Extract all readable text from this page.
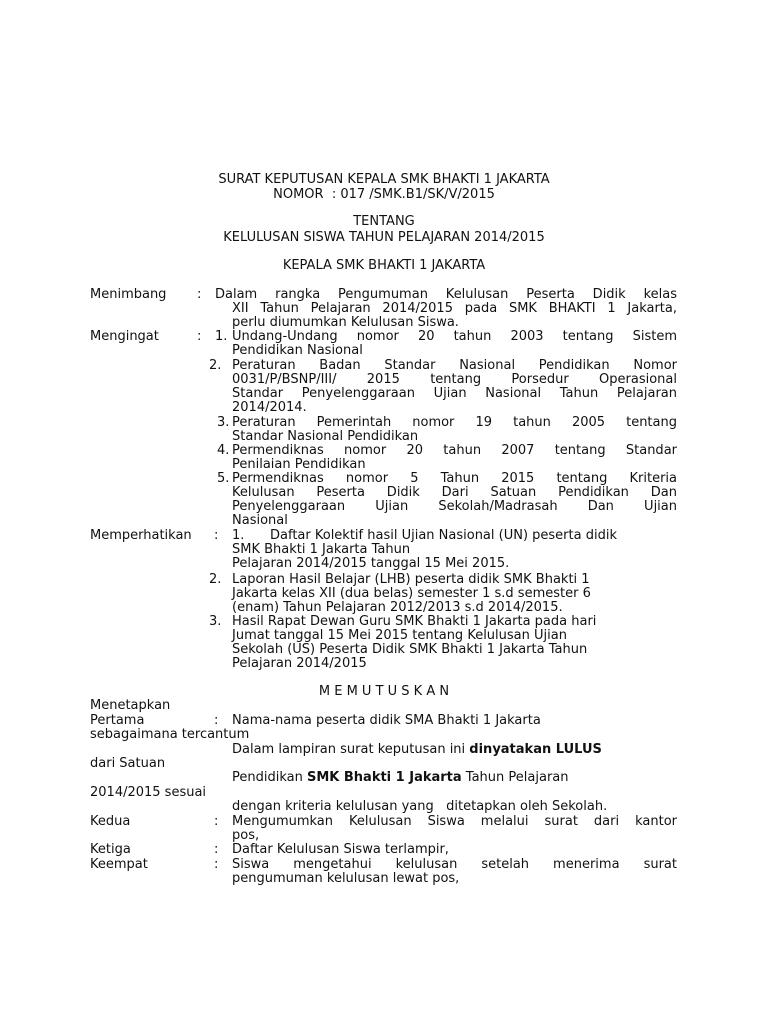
SURAT KEPUTUSAN KEPALA SMK BHAKTI 1 JAKARTA
NOMOR  : 017 /SMK.B1/SK/V/2015
TENTANG
KELULUSAN SISWA TAHUN PELAJARAN 2014/2015
KEPALA SMK BHAKTI 1 JAKARTA
Menimbang : Dalam rangka Pengumuman Kelulusan Peserta Didik kelas
XII Tahun Pelajaran 2014/2015 pada SMK BHAKTI 1 Jakarta,
perlu diumumkan Kelulusan Siswa.
Mengingat	: 1. Undang-Undang nomor 20 tahun 2003 tentang Sistem
Pendidikan Nasional
2. Peraturan Badan Standar Nasional Pendidikan Nomor
0031/P/BSNP/III/ 2015 tentang Porsedur Operasional
Standar Penyelenggaraan Ujian Nasional Tahun Pelajaran
2014/2014.
3. Peraturan Pemerintah nomor 19 tahun 2005 tentang
Standar Nasional Pendidikan
4. Permendiknas nomor 20 tahun 2007 tentang Standar
Penilaian Pendidikan
5. Permendiknas nomor 5 Tahun 2015 tentang Kriteria
Kelulusan Peserta Didik Dari Satuan Pendidikan Dan
Penyelenggaraan Ujian Sekolah/Madrasah Dan Ujian
Nasional
Memperhatikan : 1. Daftar Kolektif hasil Ujian Nasional (UN) peserta didik
SMK Bhakti 1 Jakarta Tahun
Pelajaran 2014/2015 tanggal 15 Mei 2015.
2. Laporan Hasil Belajar (LHB) peserta didik SMK Bhakti 1
Jakarta kelas XII (dua belas) semester 1 s.d semester 6
(enam) Tahun Pelajaran 2012/2013 s.d 2014/2015.
3. Hasil Rapat Dewan Guru SMK Bhakti 1 Jakarta pada hari
Jumat tanggal 15 Mei 2015 tentang Kelulusan Ujian
Sekolah (US) Peserta Didik SMK Bhakti 1 Jakarta Tahun
Pelajaran 2014/2015
M E M U T U S K A N
Menetapkan
Pertama	: Nama-nama peserta didik SMA Bhakti 1 Jakarta
sebagaimana tercantum
Dalam lampiran surat keputusan ini dinyatakan LULUS
dari Satuan
Pendidikan SMK Bhakti 1 Jakarta Tahun Pelajaran
2014/2015 sesuai
dengan kriteria kelulusan yang   ditetapkan oleh Sekolah.
Kedua	: Mengumumkan Kelulusan Siswa melalui surat dari kantor
pos,
Ketiga	: Daftar Kelulusan Siswa terlampir,
Keempat	: Siswa mengetahui kelulusan setelah menerima surat
pengumuman kelulusan lewat pos,
